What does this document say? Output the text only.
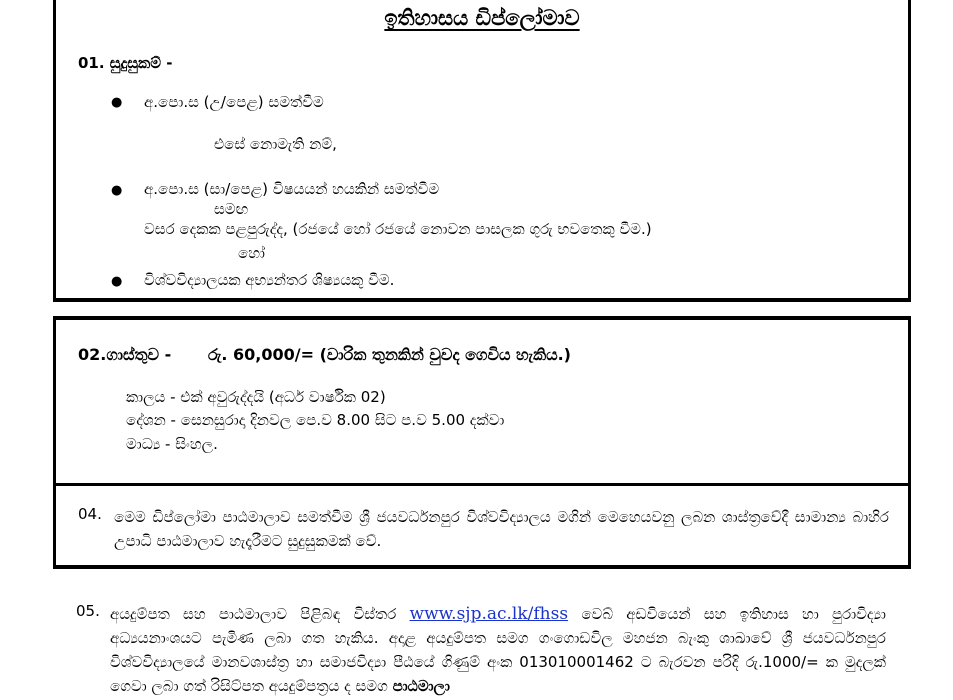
ඉතිහාසය ඩිප්ලෝමාව
01. සුදුසුකම් -
● අ.පො.ස (උ/පෙළ) සමත්වීම
එසේ නොමැති නම්,
● අ.පො.ස (සා/පෙළ) විෂයයන් හයකින් සමත්වීම
සමඟ
වසර දෙකක පළපුරුද්ද, (රජයේ හෝ රජයේ නොවන පාසලක ගුරු භවතෙකු වීම.)
හෝ
● විශ්වවිද්‍යාලයක අභ්‍යන්තර ශිෂ්‍යයකු වීම.
02.ගාස්තුව - රු. 60,000/= (වාරික තුනකින් වුවද ගෙවිය හැකිය.)
කාලය - එක් අවුරුද්දයි (අර්ධ වාර්ෂික 02)
දේශන - සෙනසුරාදා දිනවල පෙ.ව 8.00 සිට ප.ව 5.00 දක්වා
මාධ්‍ය - සිංහල.
04. මෙම ඩිප්ලෝමා පාඨමාලාව සමත්වීම ශ්‍රී ජයවර්ධනපුර විශ්වවිද්‍යාලය මගින් මෙහෙයවනු ලබන ශාස්ත්‍රවේදී සාමාන්‍ය බාහිර උපාධි පාඨමාලාව හැදෑරීමට සුදුසුකමක් වේ.
05. අයදුම්පත සහ පාඨමාලාව පිළිබඳ විස්තර www.sjp.ac.lk/fhss වෙබ් අඩවියෙන් සහ ඉතිහාස හා පුරාවිද්‍යා අධ්‍යයනාංශයට පැමිණ ලබා ගත හැකිය. අදාළ අයදුම්පත සමග ගංගොඩවිල මහජන බැංකු ශාඛාවේ ශ්‍රී ජයවර්ධනපුර විශ්වවිද්‍යාලයේ මානවශාස්ත්‍ර හා සමාජවිද්‍යා පීඨයේ ගිණුම් අංක 013010001462 ට බැරවන පරිදි රු.1000/= ක මුදලක් ගෙවා ලබා ගත් රිසිට්පත අයදුම්පත්‍රය ද සමග පාඨමාලා
